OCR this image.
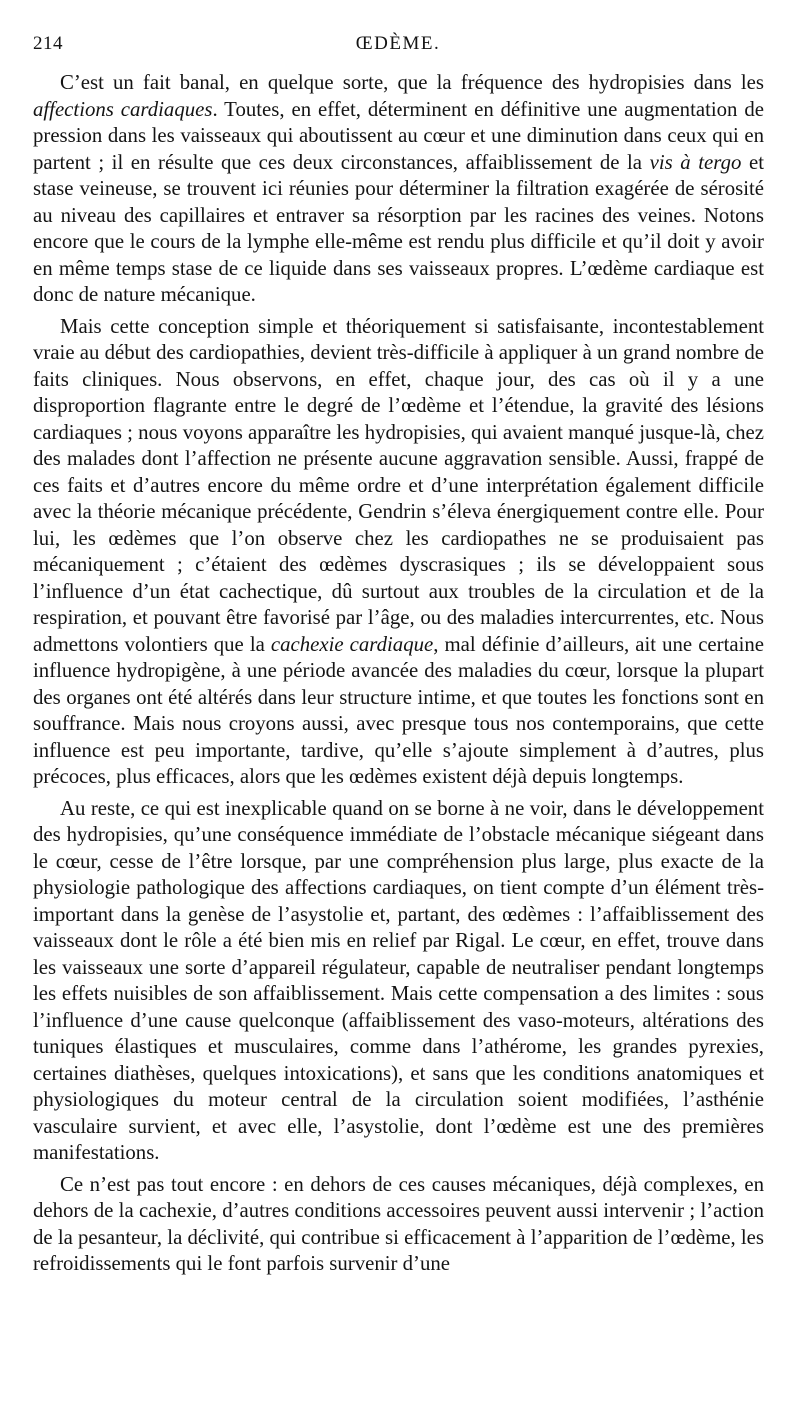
214	ŒDÈME.

C’est un fait banal, en quelque sorte, que la fréquence des hydropisies dans les affections cardiaques. Toutes, en effet, déterminent en définitive une augmentation de pression dans les vaisseaux qui aboutissent au cœur et une diminution dans ceux qui en partent ; il en résulte que ces deux circonstances, affaiblissement de la vis à tergo et stase veineuse, se trouvent ici réunies pour déterminer la filtration exagérée de sérosité au niveau des capillaires et entraver sa résorption par les racines des veines. Notons encore que le cours de la lymphe elle-même est rendu plus difficile et qu’il doit y avoir en même temps stase de ce liquide dans ses vaisseaux propres. L’œdème cardiaque est donc de nature mécanique.

Mais cette conception simple et théoriquement si satisfaisante, incontestablement vraie au début des cardiopathies, devient très-difficile à appliquer à un grand nombre de faits cliniques. Nous observons, en effet, chaque jour, des cas où il y a une disproportion flagrante entre le degré de l’œdème et l’étendue, la gravité des lésions cardiaques ; nous voyons apparaître les hydropisies, qui avaient manqué jusque-là, chez des malades dont l’affection ne présente aucune aggravation sensible. Aussi, frappé de ces faits et d’autres encore du même ordre et d’une interprétation également difficile avec la théorie mécanique précédente, Gendrin s’éleva énergiquement contre elle. Pour lui, les œdèmes que l’on observe chez les cardiopathes ne se produisaient pas mécaniquement ; c’étaient des œdèmes dyscrasiques ; ils se développaient sous l’influence d’un état cachectique, dû surtout aux troubles de la circulation et de la respiration, et pouvant être favorisé par l’âge, ou des maladies intercurrentes, etc. Nous admettons volontiers que la cachexie cardiaque, mal définie d’ailleurs, ait une certaine influence hydropigène, à une période avancée des maladies du cœur, lorsque la plupart des organes ont été altérés dans leur structure intime, et que toutes les fonctions sont en souffrance. Mais nous croyons aussi, avec presque tous nos contemporains, que cette influence est peu importante, tardive, qu’elle s’ajoute simplement à d’autres, plus précoces, plus efficaces, alors que les œdèmes existent déjà depuis longtemps.

Au reste, ce qui est inexplicable quand on se borne à ne voir, dans le développement des hydropisies, qu’une conséquence immédiate de l’obstacle mécanique siégeant dans le cœur, cesse de l’être lorsque, par une compréhension plus large, plus exacte de la physiologie pathologique des affections cardiaques, on tient compte d’un élément très-important dans la genèse de l’asystolie et, partant, des œdèmes : l’affaiblissement des vaisseaux dont le rôle a été bien mis en relief par Rigal. Le cœur, en effet, trouve dans les vaisseaux une sorte d’appareil régulateur, capable de neutraliser pendant longtemps les effets nuisibles de son affaiblissement. Mais cette compensation a des limites : sous l’influence d’une cause quelconque (affaiblissement des vaso-moteurs, altérations des tuniques élastiques et musculaires, comme dans l’athérome, les grandes pyrexies, certaines diathèses, quelques intoxications), et sans que les conditions anatomiques et physiologiques du moteur central de la circulation soient modifiées, l’asthénie vasculaire survient, et avec elle, l’asystolie, dont l’œdème est une des premières manifestations.

Ce n’est pas tout encore : en dehors de ces causes mécaniques, déjà complexes, en dehors de la cachexie, d’autres conditions accessoires peuvent aussi intervenir ; l’action de la pesanteur, la déclivité, qui contribue si efficacement à l’apparition de l’œdème, les refroidissements qui le font parfois survenir d’une
